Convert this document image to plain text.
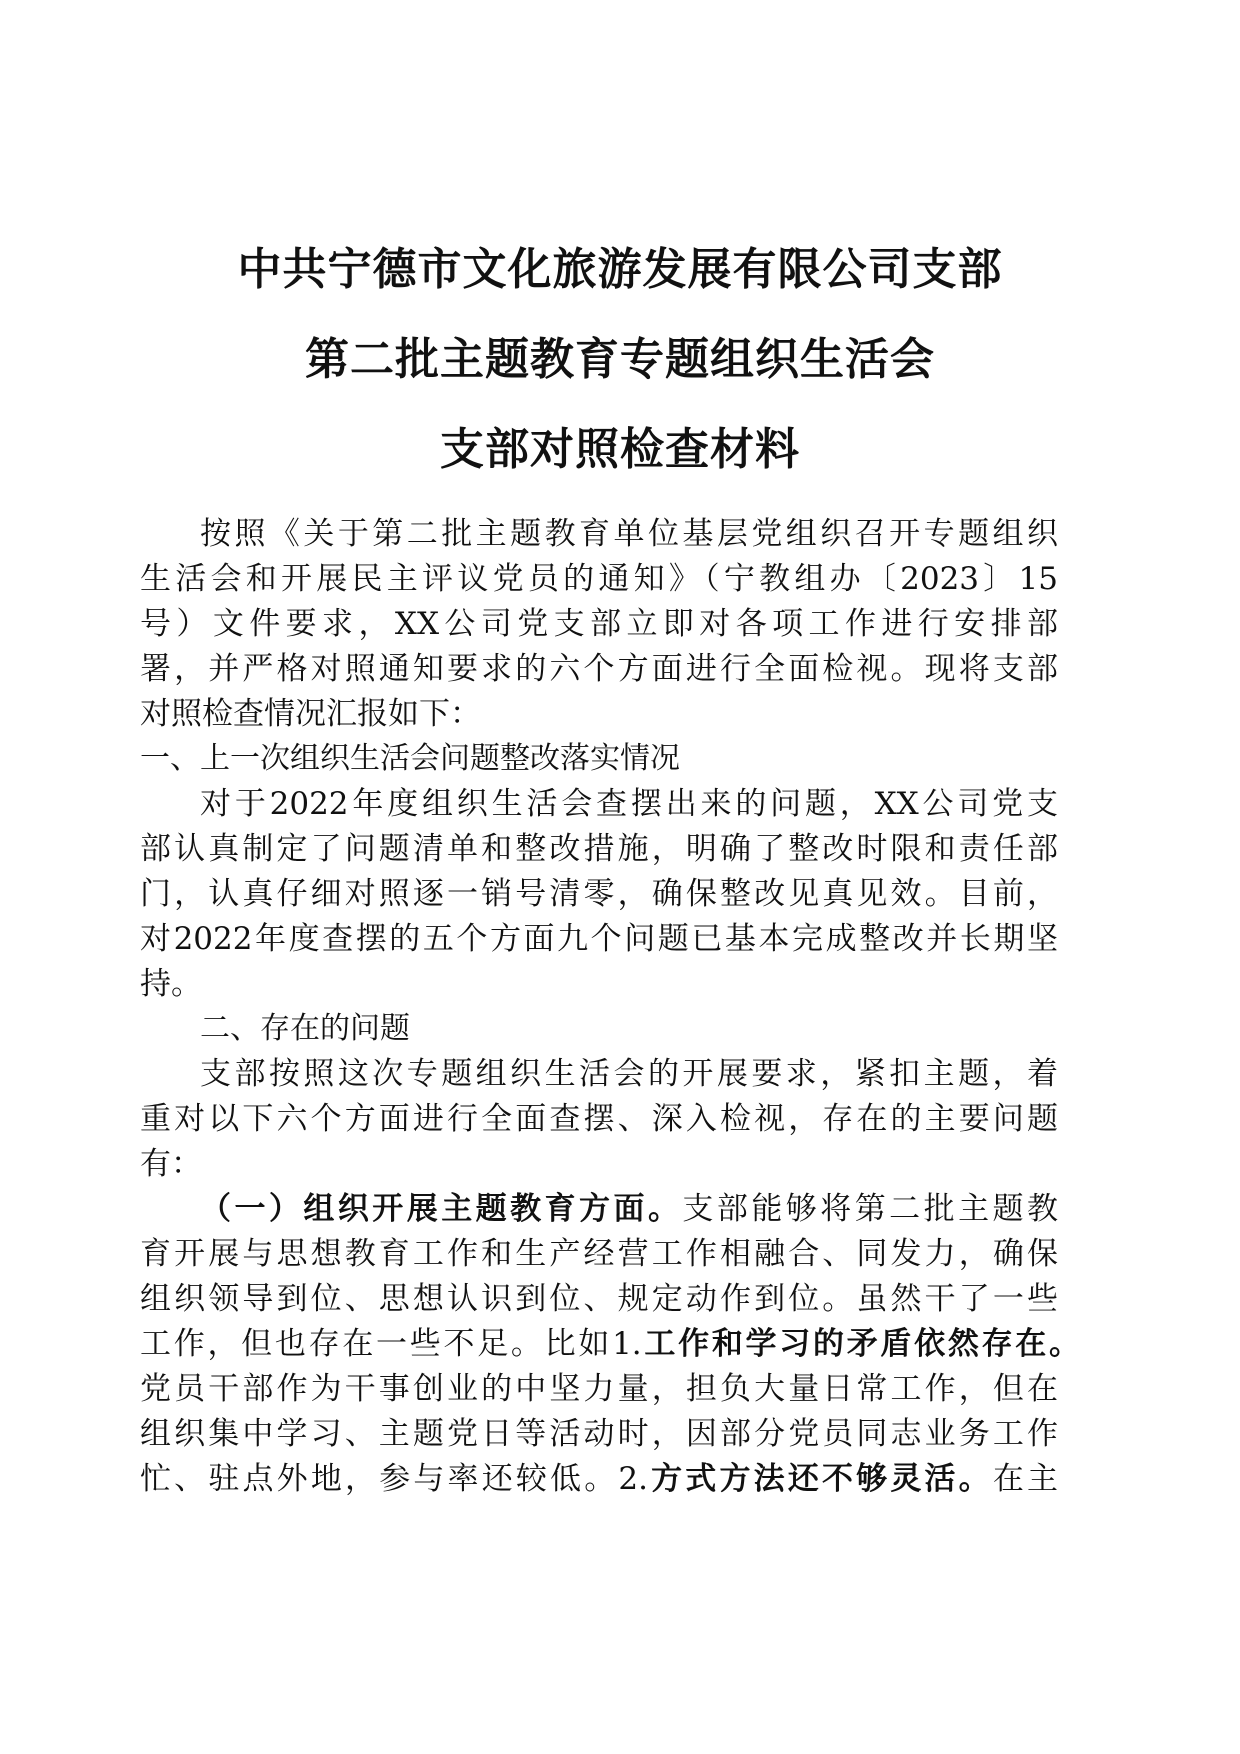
中共宁德市文化旅游发展有限公司支部
第二批主题教育专题组织生活会
支部对照检查材料
按照《关于第二批主题教育单位基层党组织召开专题组织
生活会和开展民主评议党员的通知》（宁教组办〔2023〕15
号）文件要求，XX公司党支部立即对各项工作进行安排部
署，并严格对照通知要求的六个方面进行全面检视。现将支部
对照检查情况汇报如下：
一、上一次组织生活会问题整改落实情况
对于2022年度组织生活会查摆出来的问题，XX公司党支
部认真制定了问题清单和整改措施，明确了整改时限和责任部
门，认真仔细对照逐一销号清零，确保整改见真见效。目前，
对2022年度查摆的五个方面九个问题已基本完成整改并长期坚
持。
二、存在的问题
支部按照这次专题组织生活会的开展要求，紧扣主题，着
重对以下六个方面进行全面查摆、深入检视，存在的主要问题
有：
（一）组织开展主题教育方面。支部能够将第二批主题教
育开展与思想教育工作和生产经营工作相融合、同发力，确保
组织领导到位、思想认识到位、规定动作到位。虽然干了一些
工作，但也存在一些不足。比如1.工作和学习的矛盾依然存在。
党员干部作为干事创业的中坚力量，担负大量日常工作，但在
组织集中学习、主题党日等活动时，因部分党员同志业务工作
忙、驻点外地，参与率还较低。2.方式方法还不够灵活。在主
